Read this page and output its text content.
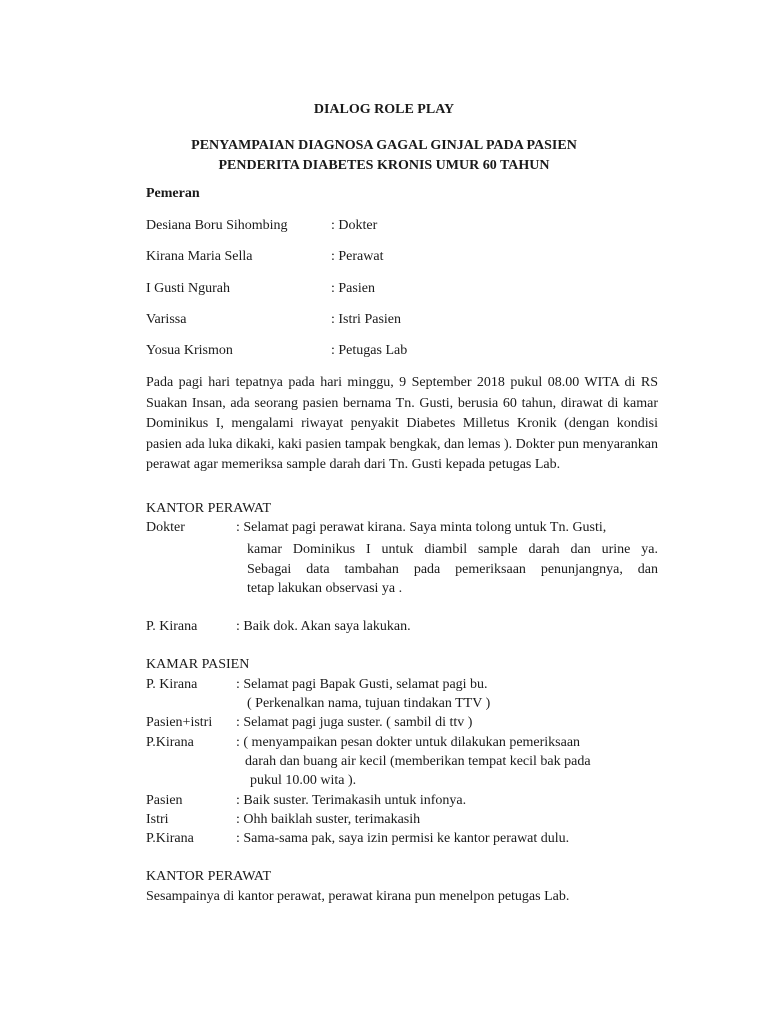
DIALOG ROLE PLAY
PENYAMPAIAN DIAGNOSA GAGAL GINJAL PADA PASIEN
PENDERITA DIABETES KRONIS UMUR 60 TAHUN
Pemeran
Desiana Boru Sihombing	: Dokter
Kirana Maria Sella	: Perawat
I Gusti Ngurah	: Pasien
Varissa	: Istri Pasien
Yosua Krismon	: Petugas Lab
Pada pagi hari tepatnya pada hari minggu, 9 September 2018 pukul 08.00 WITA di RS Suakan Insan, ada seorang pasien bernama Tn. Gusti, berusia 60 tahun, dirawat di kamar Dominikus I, mengalami riwayat penyakit Diabetes Milletus Kronik (dengan kondisi pasien ada luka dikaki, kaki pasien tampak bengkak, dan lemas ). Dokter pun menyarankan perawat agar memeriksa sample darah dari Tn. Gusti kepada petugas Lab.
KANTOR PERAWAT
Dokter	: Selamat pagi perawat kirana. Saya minta tolong untuk Tn. Gusti,
kamar Dominikus I untuk diambil sample darah dan urine ya.
Sebagai data tambahan pada pemeriksaan penunjangnya, dan
tetap lakukan observasi ya .
P. Kirana	: Baik dok. Akan saya lakukan.
KAMAR PASIEN
P. Kirana	: Selamat pagi Bapak Gusti, selamat pagi bu.
( Perkenalkan nama, tujuan tindakan TTV )
Pasien+istri : Selamat pagi juga suster. ( sambil di ttv )
P.Kirana	: ( menyampaikan pesan dokter untuk dilakukan pemeriksaan
darah dan buang air kecil (memberikan tempat kecil bak pada
pukul 10.00 wita ).
Pasien	: Baik suster. Terimakasih untuk infonya.
Istri	: Ohh baiklah suster, terimakasih
P.Kirana	: Sama-sama pak, saya izin permisi ke kantor perawat dulu.
KANTOR PERAWAT
Sesampainya di kantor perawat, perawat kirana pun menelpon petugas Lab.
